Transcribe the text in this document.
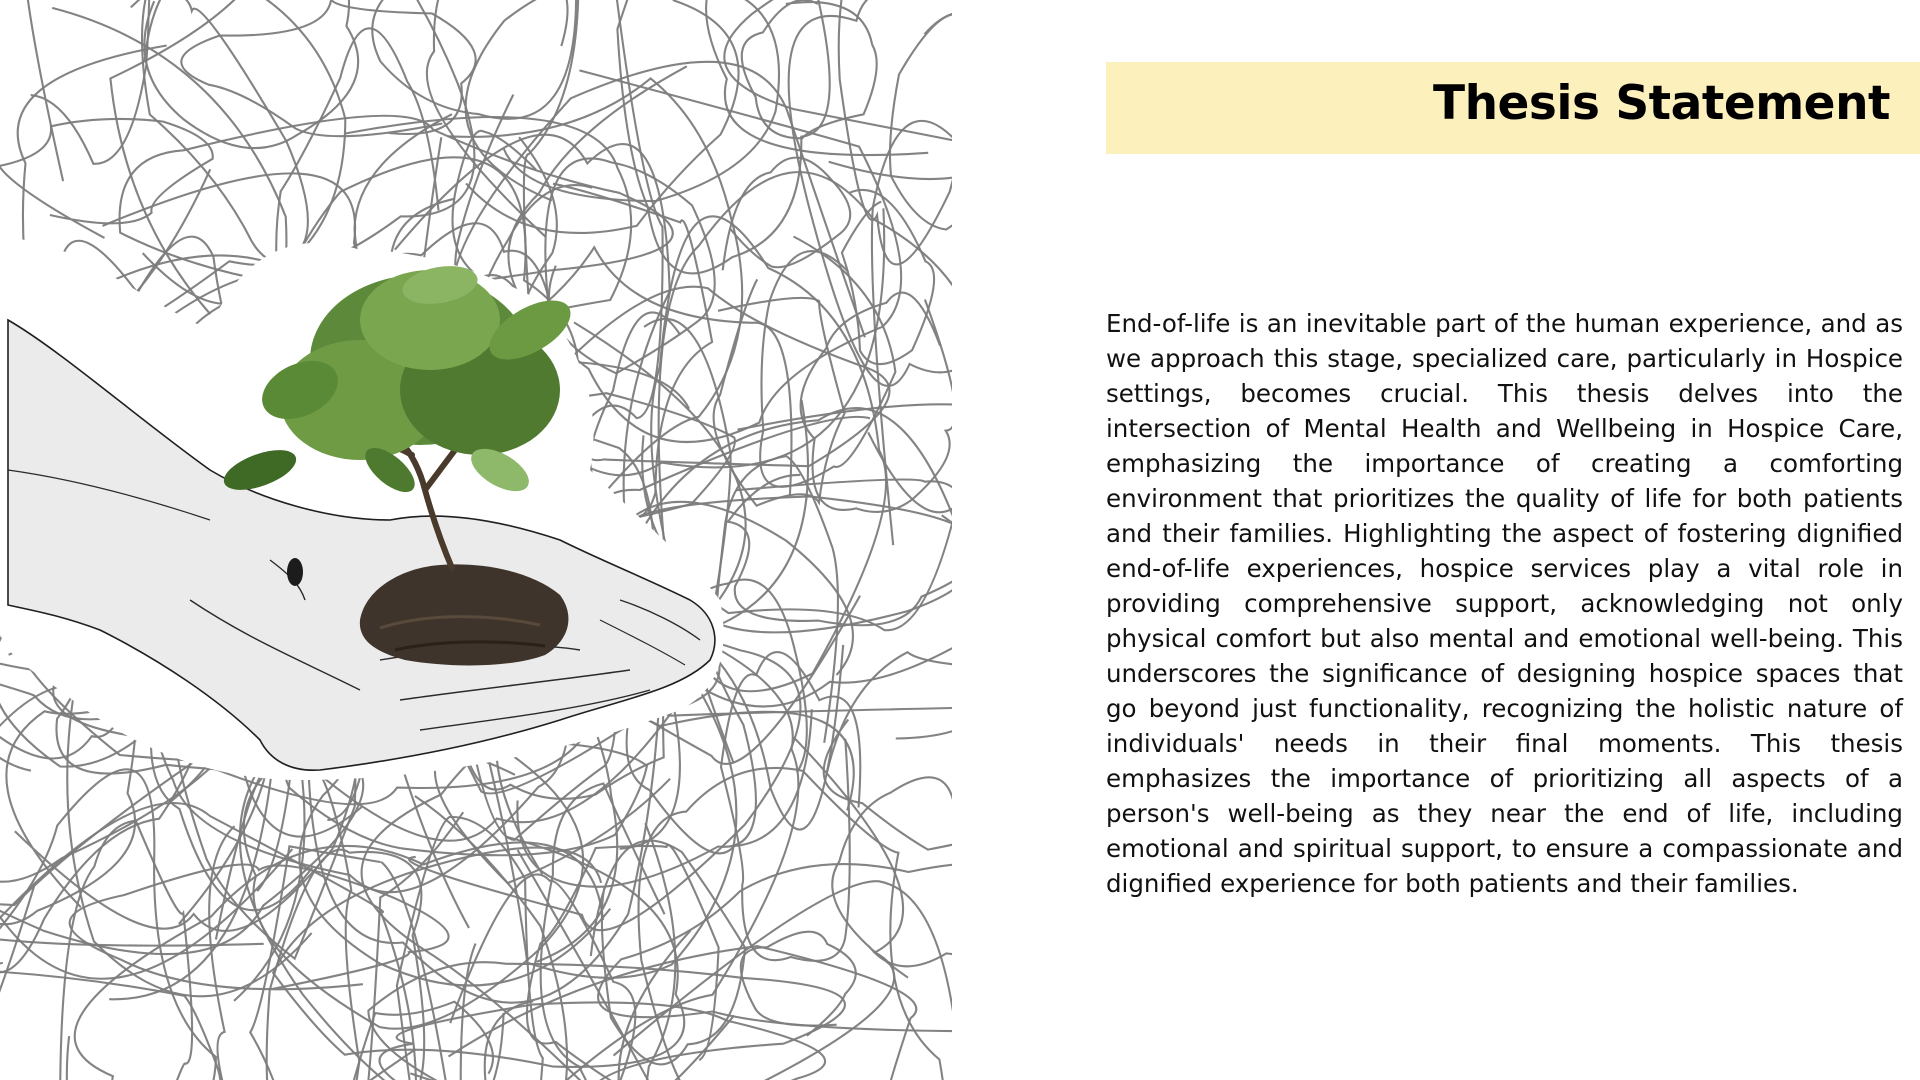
Thesis Statement
End-of-life is an inevitable part of the human experience, and as we approach this stage, specialized care, particularly in Hospice settings, becomes crucial. This thesis delves into the intersection of Mental Health and Wellbeing in Hospice Care, emphasizing the importance of creating a comforting environment that prioritizes the quality of life for both patients and their families. Highlighting the aspect of fostering dignified end-of-life experiences, hospice services play a vital role in providing comprehensive support, acknowledging not only physical comfort but also mental and emotional well-being. This underscores the significance of designing hospice spaces that go beyond just functionality, recognizing the holistic nature of individuals' needs in their final moments. This thesis emphasizes the importance of prioritizing all aspects of a person's well-being as they near the end of life, including emotional and spiritual support, to ensure a compassionate and dignified experience for both patients and their families.
